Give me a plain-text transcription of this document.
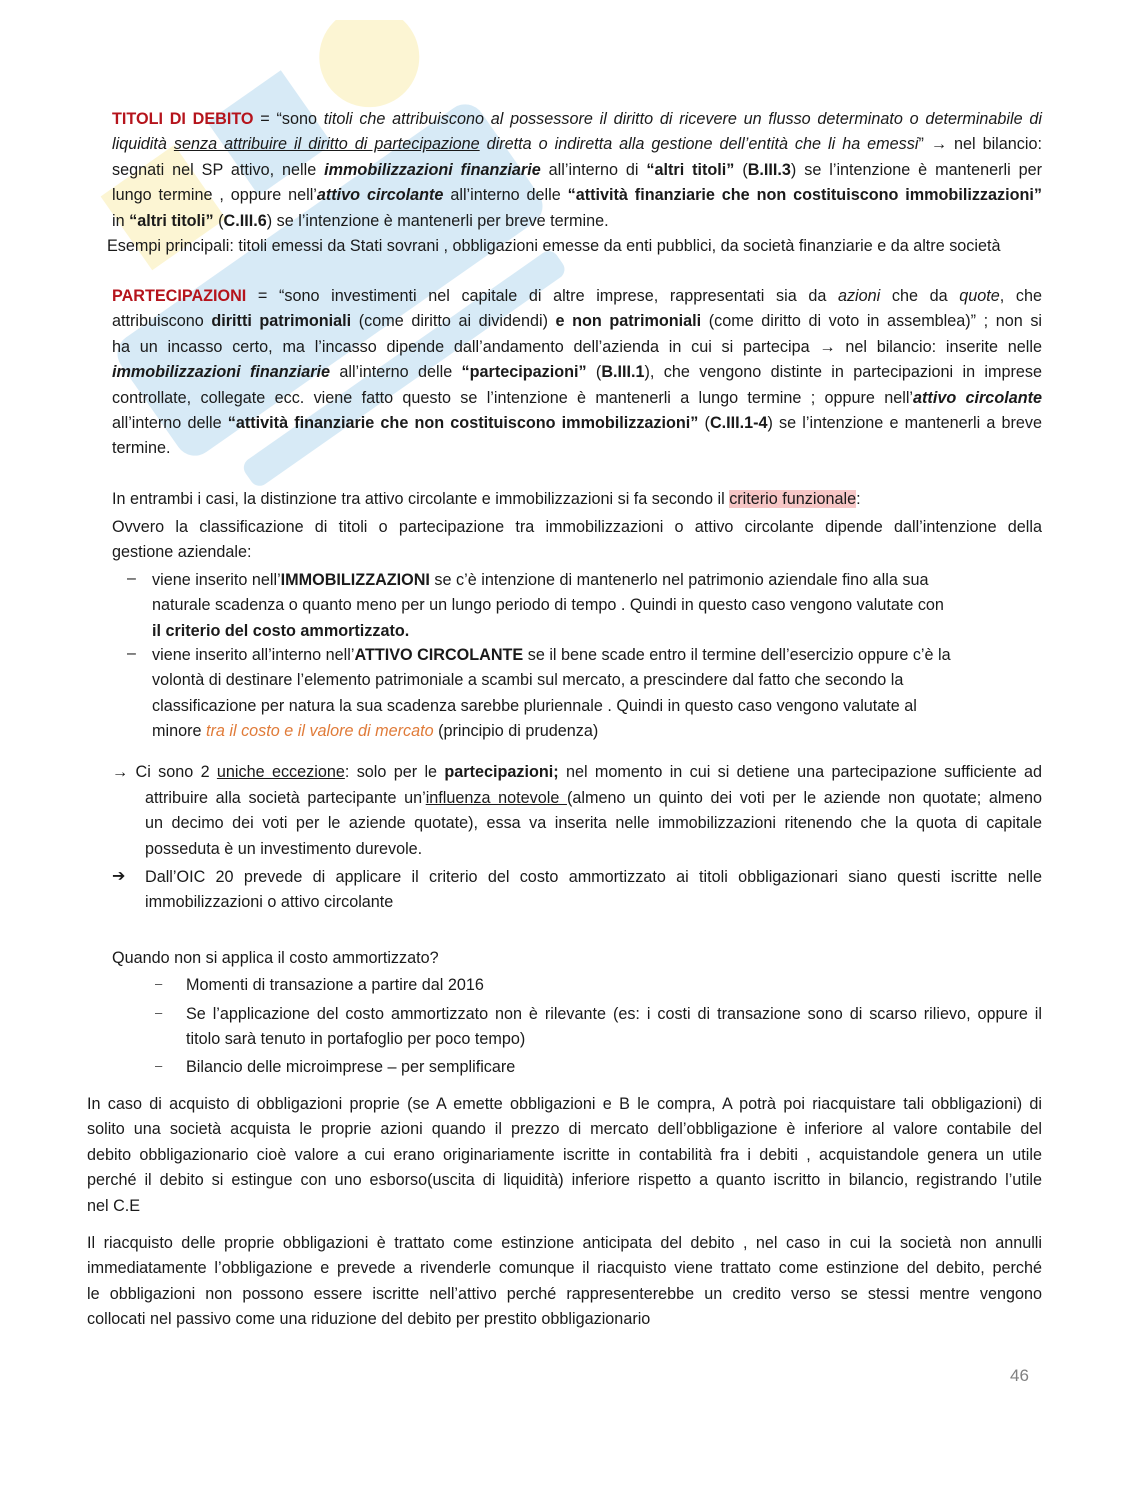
TITOLI DI DEBITO = “sono titoli che attribuiscono al possessore il diritto di ricevere un flusso determinato o determinabile di
liquidità senza attribuire il diritto di partecipazione diretta o indiretta alla gestione dell’entità che li ha emessi” → nel bilancio:
segnati nel SP attivo, nelle immobilizzazioni finanziarie all’interno di “altri titoli” (B.III.3) se l’intenzione è mantenerli per
lungo termine , oppure nell’attivo circolante all’interno delle “attività finanziarie che non costituiscono immobilizzazioni”
in “altri titoli” (C.III.6) se l’intenzione è mantenerli per breve termine.
Esempi principali: titoli emessi da Stati sovrani , obbligazioni emesse da enti pubblici, da società finanziarie e da altre società
PARTECIPAZIONI = “sono investimenti nel capitale di altre imprese, rappresentati sia da azioni che da quote, che
attribuiscono diritti patrimoniali (come diritto ai dividendi) e non patrimoniali (come diritto di voto in assemblea)” ; non si
ha un incasso certo, ma l’incasso dipende dall’andamento dell’azienda in cui si partecipa → nel bilancio: inserite nelle
immobilizzazioni finanziarie all’interno delle “partecipazioni” (B.III.1), che vengono distinte in partecipazioni in imprese
controllate, collegate ecc. viene fatto questo se l’intenzione è mantenerli a lungo termine ; oppure nell’attivo circolante
all’interno delle “attività finanziarie che non costituiscono immobilizzazioni” (C.III.1-4) se l’intenzione e mantenerli a breve
termine.
In entrambi i casi, la distinzione tra attivo circolante e immobilizzazioni si fa secondo il criterio funzionale:
Ovvero la classificazione di titoli o partecipazione tra immobilizzazioni o attivo circolante dipende dall’intenzione della
gestione aziendale:
– viene inserito nell’IMMOBILIZZAZIONI se c’è intenzione di mantenerlo nel patrimonio aziendale fino alla sua
naturale scadenza o quanto meno per un lungo periodo di tempo . Quindi in questo caso vengono valutate con
il criterio del costo ammortizzato.
– viene inserito all’interno nell’ATTIVO CIRCOLANTE se il bene scade entro il termine dell’esercizio oppure c’è la
volontà di destinare l’elemento patrimoniale a scambi sul mercato, a prescindere dal fatto che secondo la
classificazione per natura la sua scadenza sarebbe pluriennale . Quindi in questo caso vengono valutate al
minore tra il costo e il valore di mercato (principio di prudenza)
→ Ci sono 2 uniche eccezione: solo per le partecipazioni; nel momento in cui si detiene una partecipazione sufficiente ad
attribuire alla società partecipante un’influenza notevole (almeno un quinto dei voti per le aziende non quotate; almeno
un decimo dei voti per le aziende quotate), essa va inserita nelle immobilizzazioni ritenendo che la quota di capitale
posseduta è un investimento durevole.
➔ Dall’OIC 20 prevede di applicare il criterio del costo ammortizzato ai titoli obbligazionari siano questi iscritte nelle
immobilizzazioni o attivo circolante
Quando non si applica il costo ammortizzato?
– Momenti di transazione a partire dal 2016
– Se l’applicazione del costo ammortizzato non è rilevante (es: i costi di transazione sono di scarso rilievo, oppure il
titolo sarà tenuto in portafoglio per poco tempo)
– Bilancio delle microimprese – per semplificare
In caso di acquisto di obbligazioni proprie (se A emette obbligazioni e B le compra, A potrà poi riacquistare tali obbligazioni) di
solito una società acquista le proprie azioni quando il prezzo di mercato dell’obbligazione è inferiore al valore contabile del
debito obbligazionario cioè valore a cui erano originariamente iscritte in contabilità fra i debiti , acquistandole genera un utile
perché il debito si estingue con uno esborso(uscita di liquidità) inferiore rispetto a quanto iscritto in bilancio, registrando l’utile
nel C.E
Il riacquisto delle proprie obbligazioni è trattato come estinzione anticipata del debito , nel caso in cui la società non annulli
immediatamente l’obbligazione e prevede a rivenderle comunque il riacquisto viene trattato come estinzione del debito, perché
le obbligazioni non possono essere iscritte nell’attivo perché rappresenterebbe un credito verso se stessi mentre vengono
collocati nel passivo come una riduzione del debito per prestito obbligazionario
46
